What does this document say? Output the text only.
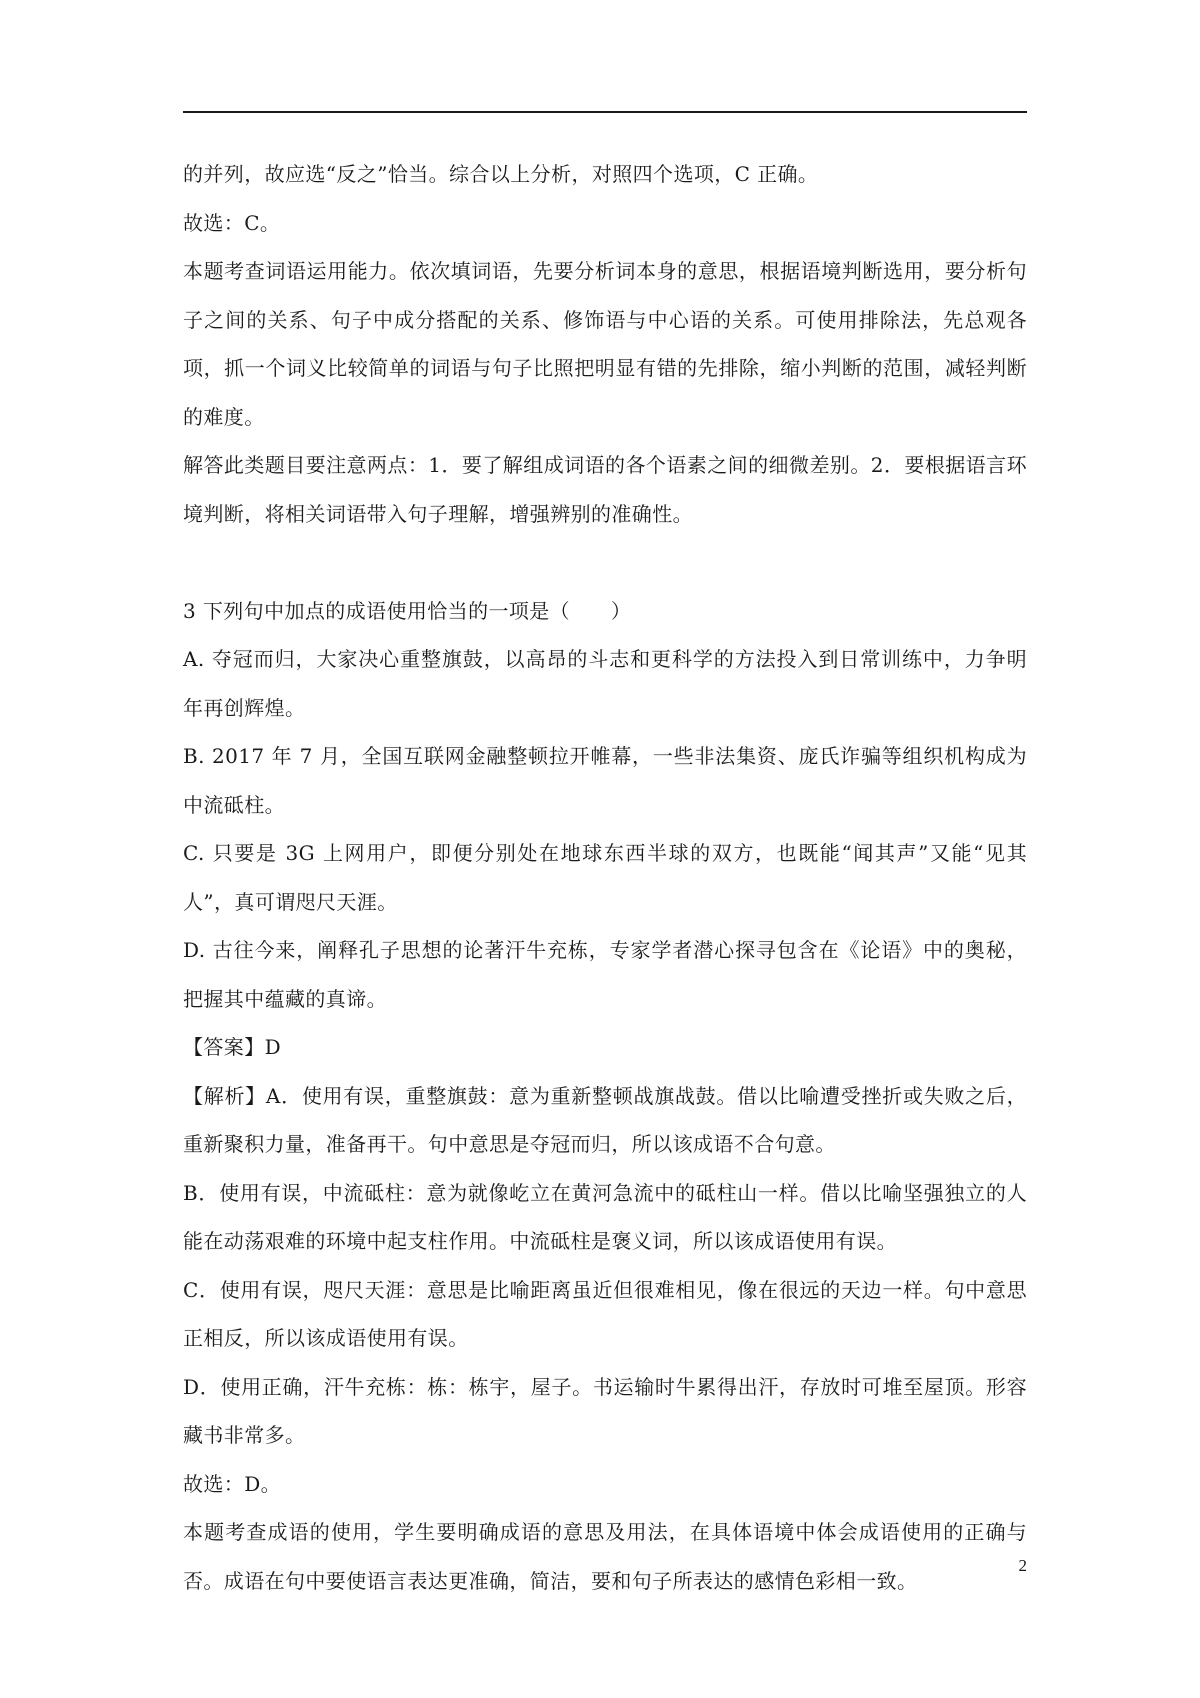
的并列，故应选“反之”恰当。综合以上分析，对照四个选项，C 正确。

故选：C。

本题考查词语运用能力。依次填词语，先要分析词本身的意思，根据语境判断选用，要分析句子之间的关系、句子中成分搭配的关系、修饰语与中心语的关系。可使用排除法，先总观各项，抓一个词义比较简单的词语与句子比照把明显有错的先排除，缩小判断的范围，减轻判断的难度。

解答此类题目要注意两点：1．要了解组成词语的各个语素之间的细微差别。2．要根据语言环境判断，将相关词语带入句子理解，增强辨别的准确性。

3 下列句中加点的成语使用恰当的一项是（　　）

A. 夺冠而归，大家决心重整旗鼓，以高昂的斗志和更科学的方法投入到日常训练中，力争明年再创辉煌。

B. 2017 年 7 月，全国互联网金融整顿拉开帷幕，一些非法集资、庞氏诈骗等组织机构成为中流砥柱。

C. 只要是 3G 上网用户，即便分别处在地球东西半球的双方，也既能“闻其声”又能“见其人”，真可谓咫尺天涯。

D. 古往今来，阐释孔子思想的论著汗牛充栋，专家学者潜心探寻包含在《论语》中的奥秘，把握其中蕴藏的真谛。

【答案】D

【解析】A．使用有误，重整旗鼓：意为重新整顿战旗战鼓。借以比喻遭受挫折或失败之后，重新聚积力量，准备再干。句中意思是夺冠而归，所以该成语不合句意。

B．使用有误，中流砥柱：意为就像屹立在黄河急流中的砥柱山一样。借以比喻坚强独立的人能在动荡艰难的环境中起支柱作用。中流砥柱是褒义词，所以该成语使用有误。

C．使用有误，咫尺天涯：意思是比喻距离虽近但很难相见，像在很远的天边一样。句中意思正相反，所以该成语使用有误。

D．使用正确，汗牛充栋：栋：栋宇，屋子。书运输时牛累得出汗，存放时可堆至屋顶。形容藏书非常多。

故选：D。

本题考查成语的使用，学生要明确成语的意思及用法，在具体语境中体会成语使用的正确与否。成语在句中要使语言表达更准确，简洁，要和句子所表达的感情色彩相一致。

2
